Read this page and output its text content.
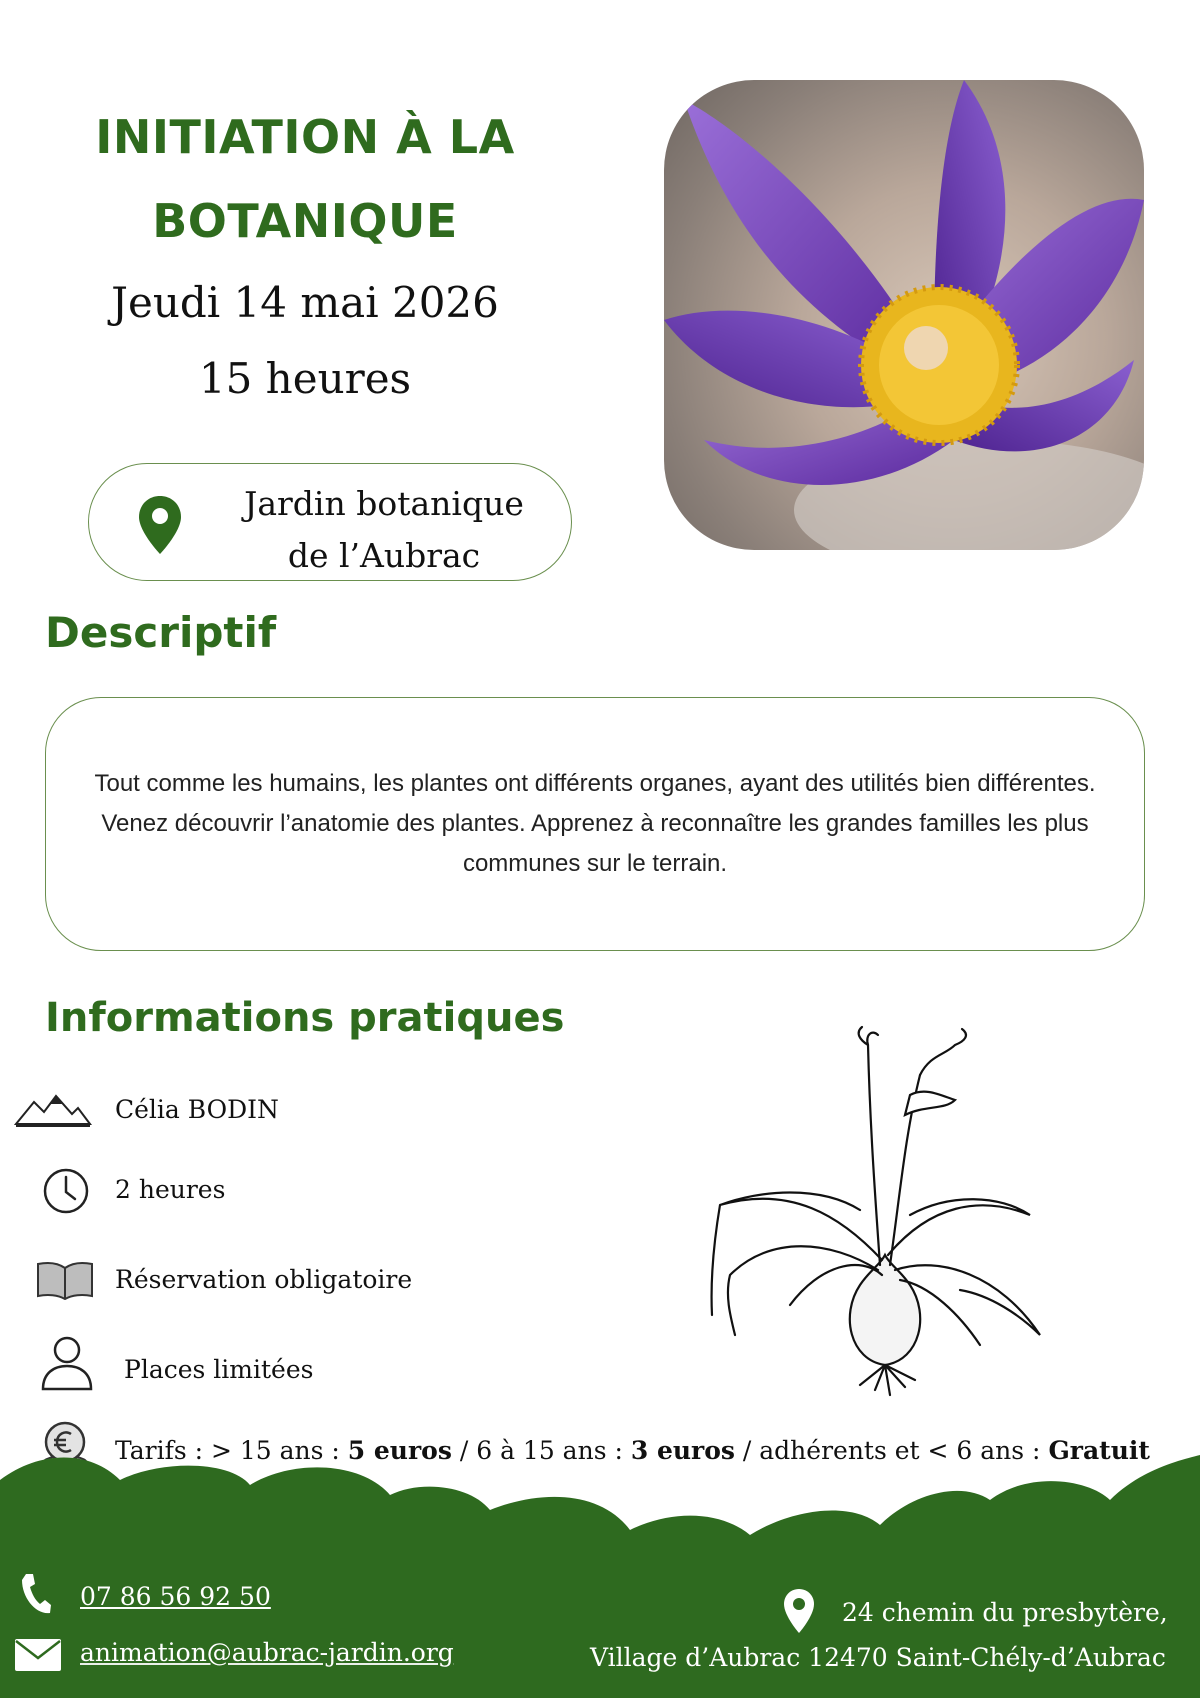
INITIATION À LA BOTANIQUE

Jeudi 14 mai 2026

15 heures

Jardin botanique
de l’Aubrac
Descriptif

Tout comme les humains, les plantes ont différents organes, ayant des utilités bien différentes. Venez découvrir l’anatomie des plantes. Apprenez à reconnaître les grandes familles les plus communes sur le terrain.

Informations pratiques
Célia BODIN
2 heures
Réservation obligatoire
Places limitées
Tarifs : > 15 ans : 5 euros / 6 à 15 ans : 3 euros / adhérents et < 6 ans : Gratuit
07 86 56 92 50
animation@aubrac-jardin.org
24 chemin du presbytère,
Village d’Aubrac 12470 Saint-Chély-d’Aubrac
